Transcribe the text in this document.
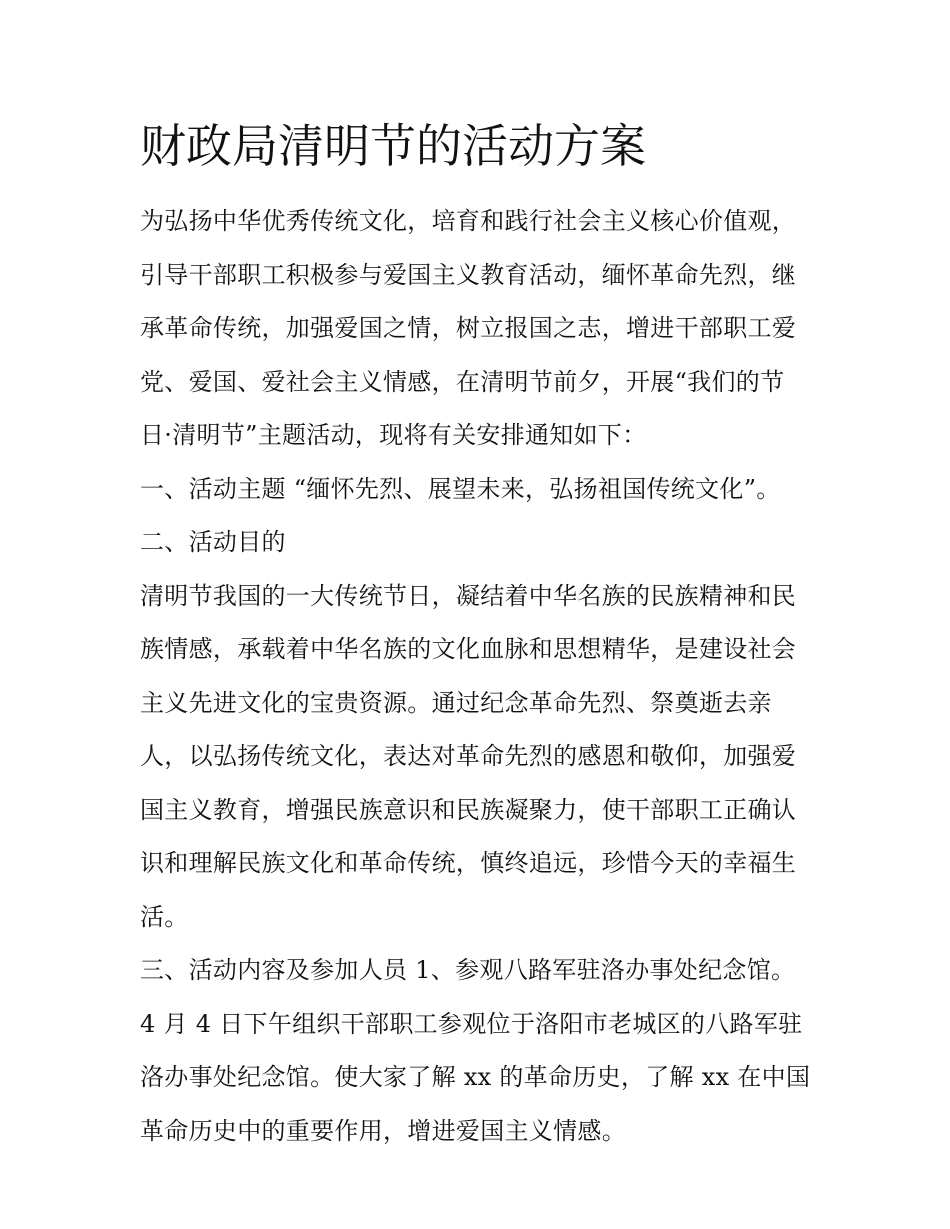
财政局清明节的活动方案
为弘扬中华优秀传统文化，培育和践行社会主义核心价值观，
引导干部职工积极参与爱国主义教育活动，缅怀革命先烈，继
承革命传统，加强爱国之情，树立报国之志，增进干部职工爱
党、爱国、爱社会主义情感，在清明节前夕，开展“我们的节
日·清明节”主题活动，现将有关安排通知如下：
一、活动主题 “缅怀先烈、展望未来，弘扬祖国传统文化”。
二、活动目的
清明节我国的一大传统节日，凝结着中华名族的民族精神和民
族情感，承载着中华名族的文化血脉和思想精华，是建设社会
主义先进文化的宝贵资源。通过纪念革命先烈、祭奠逝去亲
人，以弘扬传统文化，表达对革命先烈的感恩和敬仰，加强爱
国主义教育，增强民族意识和民族凝聚力，使干部职工正确认
识和理解民族文化和革命传统，慎终追远，珍惜今天的幸福生
活。
三、活动内容及参加人员 1、参观八路军驻洛办事处纪念馆。
4 月 4 日下午组织干部职工参观位于洛阳市老城区的八路军驻
洛办事处纪念馆。使大家了解 xx 的革命历史，了解 xx 在中国
革命历史中的重要作用，增进爱国主义情感。
